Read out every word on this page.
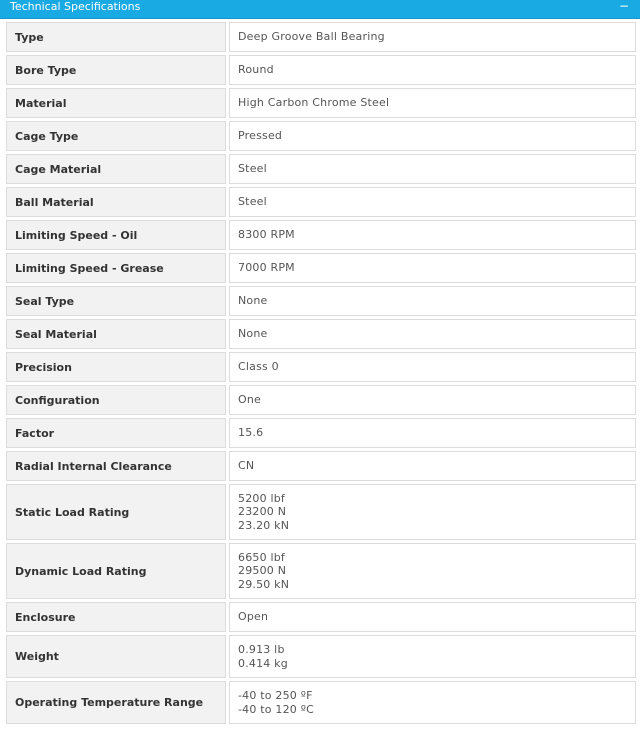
Technical Specifications	−
Type	Deep Groove Ball Bearing

Bore Type	Round

Material	High Carbon Chrome Steel

Cage Type	Pressed

Cage Material	Steel

Ball Material	Steel

Limiting Speed - Oil	8300 RPM

Limiting Speed - Grease	7000 RPM

Seal Type	None

Seal Material	None

Precision	Class 0

Configuration	One

Factor	15.6

Radial Internal Clearance	CN

Static Load Rating	5200 lbf
23200 N
23.20 kN

Dynamic Load Rating	6650 lbf
29500 N
29.50 kN

Enclosure	Open

Weight	0.913 lb
0.414 kg

Operating Temperature Range	-40 to 250 ºF
-40 to 120 ºC
